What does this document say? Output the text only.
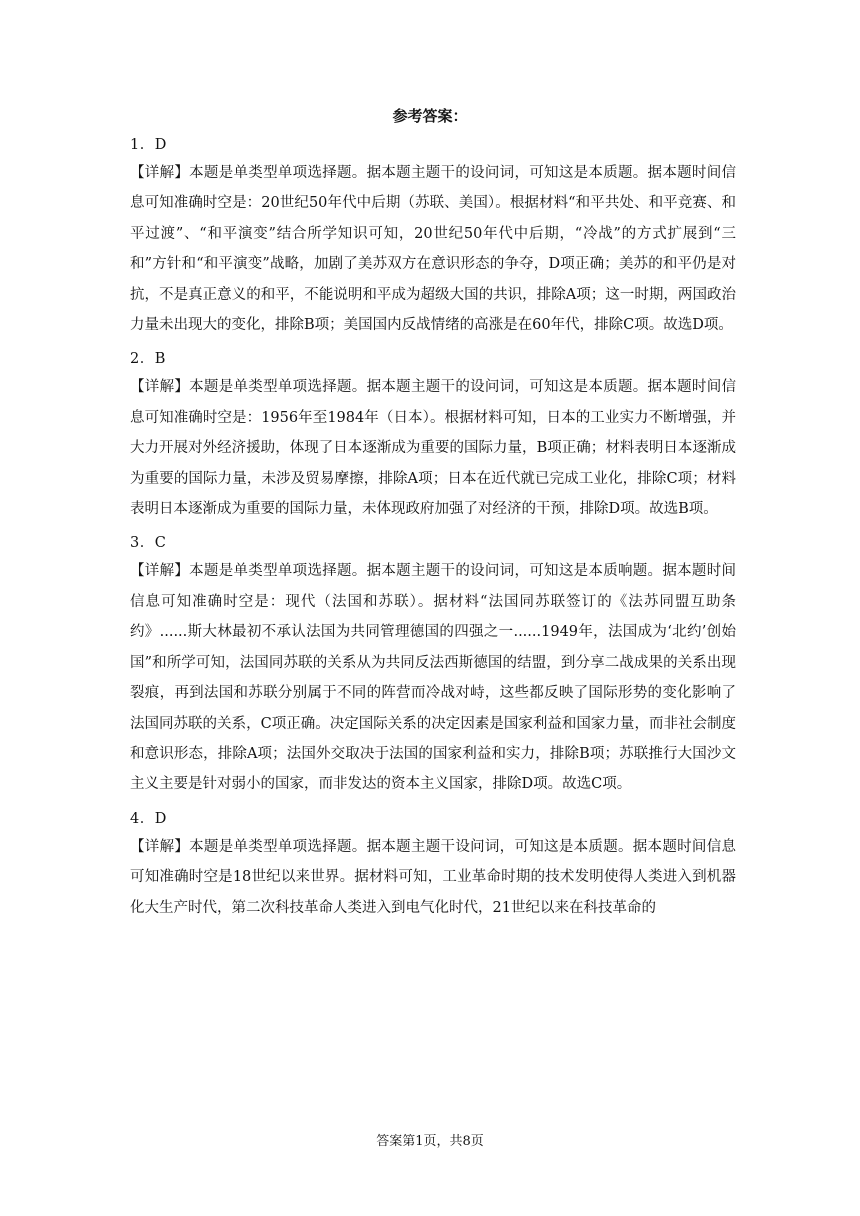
参考答案：

1．D

【详解】本题是单类型单项选择题。据本题主题干的设问词，可知这是本质题。据本题时间信息可知准确时空是：20世纪50年代中后期（苏联、美国）。根据材料“和平共处、和平竞赛、和平过渡”、“和平演变”结合所学知识可知，20世纪50年代中后期，“冷战”的方式扩展到“三和”方针和“和平演变”战略，加剧了美苏双方在意识形态的争夺，D项正确；美苏的和平仍是对抗，不是真正意义的和平，不能说明和平成为超级大国的共识，排除A项；这一时期，两国政治力量未出现大的变化，排除B项；美国国内反战情绪的高涨是在60年代，排除C项。故选D项。

2．B

【详解】本题是单类型单项选择题。据本题主题干的设问词，可知这是本质题。据本题时间信息可知准确时空是：1956年至1984年（日本）。根据材料可知，日本的工业实力不断增强，并大力开展对外经济援助，体现了日本逐渐成为重要的国际力量，B项正确；材料表明日本逐渐成为重要的国际力量，未涉及贸易摩擦，排除A项；日本在近代就已完成工业化，排除C项；材料表明日本逐渐成为重要的国际力量，未体现政府加强了对经济的干预，排除D项。故选B项。

3．C

【详解】本题是单类型单项选择题。据本题主题干的设问词，可知这是本质响题。据本题时间信息可知准确时空是：现代（法国和苏联）。据材料“法国同苏联签订的《法苏同盟互助条约》......斯大林最初不承认法国为共同管理德国的四强之一......1949年，法国成为‘北约’创始国”和所学可知，法国同苏联的关系从为共同反法西斯德国的结盟，到分享二战成果的关系出现裂痕，再到法国和苏联分别属于不同的阵营而冷战对峙，这些都反映了国际形势的变化影响了法国同苏联的关系，C项正确。决定国际关系的决定因素是国家利益和国家力量，而非社会制度和意识形态，排除A项；法国外交取决于法国的国家利益和实力，排除B项；苏联推行大国沙文主义主要是针对弱小的国家，而非发达的资本主义国家，排除D项。故选C项。

4．D

【详解】本题是单类型单项选择题。据本题主题干设问词，可知这是本质题。据本题时间信息可知准确时空是18世纪以来世界。据材料可知，工业革命时期的技术发明使得人类进入到机器化大生产时代，第二次科技革命人类进入到电气化时代，21世纪以来在科技革命的

答案第1页，共8页
